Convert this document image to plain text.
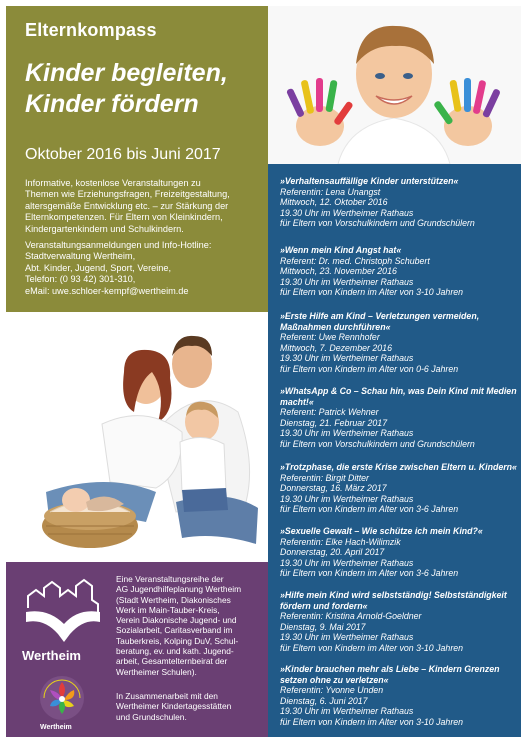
Elternkompass
Kinder begleiten,
Kinder fördern
Oktober 2016 bis Juni 2017
Informative, kostenlose Veranstaltungen zu
Themen wie Erziehungsfragen, Freizeitgestaltung,
altersgemäße Entwicklung etc. – zur Stärkung der
Elternkompetenzen. Für Eltern von Kleinkindern,
Kindergartenkindern und Schulkindern.
Veranstaltungsanmeldungen und Info-Hotline:
Stadtverwaltung Wertheim,
Abt. Kinder, Jugend, Sport, Vereine,
Telefon: (0 93 42) 301-310,
eMail: uwe.schloer-kempf@wertheim.de
»Verhaltensauffällige Kinder unterstützen«
Referentin: Lena Unangst
Mittwoch, 12. Oktober 2016
19.30 Uhr im Wertheimer Rathaus
für Eltern von Vorschulkindern und Grundschülern
»Wenn mein Kind Angst hat«
Referent: Dr. med. Christoph Schubert
Mittwoch, 23. November 2016
19.30 Uhr im Wertheimer Rathaus
für Eltern von Kindern im Alter von 3-10 Jahren
»Erste Hilfe am Kind – Verletzungen vermeiden, Maßnahmen durchführen«
Referent: Uwe Rennhofer
Mittwoch, 7. Dezember 2016
19.30 Uhr im Wertheimer Rathaus
für Eltern von Kindern im Alter von 0-6 Jahren
»WhatsApp & Co – Schau hin, was Dein Kind mit Medien macht!«
Referent: Patrick Wehner
Dienstag, 21. Februar 2017
19.30 Uhr im Wertheimer Rathaus
für Eltern von Vorschulkindern und Grundschülern
»Trotzphase, die erste Krise zwischen Eltern u. Kindern«
Referentin: Birgit Ditter
Donnerstag, 16. März 2017
19.30 Uhr im Wertheimer Rathaus
für Eltern von Kindern im Alter von 3-6 Jahren
»Sexuelle Gewalt – Wie schütze ich mein Kind?«
Referentin: Elke Hach-Wilimzik
Donnerstag, 20. April 2017
19.30 Uhr im Wertheimer Rathaus
für Eltern von Kindern im Alter von 3-6 Jahren
»Hilfe mein Kind wird selbstständig! Selbstständigkeit fördern und fordern«
Referentin: Kristina Arnold-Goeldner
Dienstag, 9. Mai 2017
19.30 Uhr im Wertheimer Rathaus
für Eltern von Kindern im Alter von 3-10 Jahren
»Kinder brauchen mehr als Liebe – Kindern Grenzen setzen ohne zu verletzen«
Referentin: Yvonne Unden
Dienstag, 6. Juni 2017
19.30 Uhr im Wertheimer Rathaus
für Eltern von Kindern im Alter von 3-10 Jahren
Wertheim
Wertheim
Eine Veranstaltungsreihe der
AG Jugendhilfeplanung Wertheim
(Stadt Wertheim, Diakonisches
Werk im Main-Tauber-Kreis,
Verein Diakonische Jugend- und
Sozialarbeit, Caritasverband im
Tauberkreis, Kolping DuV, Schul-
beratung, ev. und kath. Jugend-
arbeit, Gesamtelternbeirat der
Wertheimer Schulen).
In Zusammenarbeit mit den
Wertheimer Kindertagesstätten
und Grundschulen.
